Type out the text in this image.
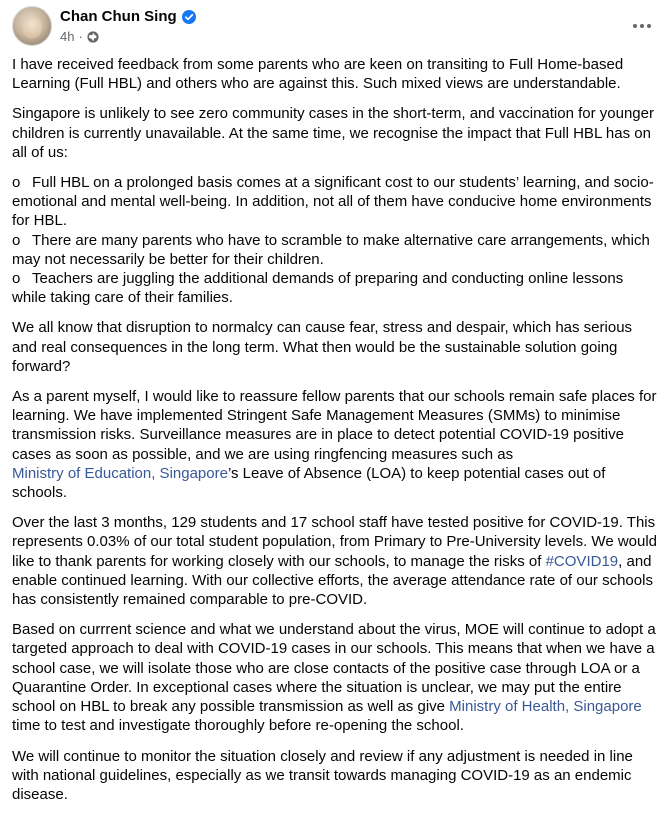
Chan Chun Sing
4h ·

I have received feedback from some parents who are keen on transiting to Full Home-based Learning (Full HBL) and others who are against this. Such mixed views are understandable.

Singapore is unlikely to see zero community cases in the short-term, and vaccination for younger children is currently unavailable. At the same time, we recognise the impact that Full HBL has on all of us:

o Full HBL on a prolonged basis comes at a significant cost to our students’ learning, and socio-emotional and mental well-being. In addition, not all of them have conducive home environments for HBL.
o There are many parents who have to scramble to make alternative care arrangements, which may not necessarily be better for their children.
o Teachers are juggling the additional demands of preparing and conducting online lessons while taking care of their families.

We all know that disruption to normalcy can cause fear, stress and despair, which has serious and real consequences in the long term. What then would be the sustainable solution going forward?

As a parent myself, I would like to reassure fellow parents that our schools remain safe places for learning. We have implemented Stringent Safe Management Measures (SMMs) to minimise transmission risks. Surveillance measures are in place to detect potential COVID-19 positive cases as soon as possible, and we are using ringfencing measures such as
Ministry of Education, Singapore’s Leave of Absence (LOA) to keep potential cases out of schools.

Over the last 3 months, 129 students and 17 school staff have tested positive for COVID-19. This represents 0.03% of our total student population, from Primary to Pre-University levels. We would like to thank parents for working closely with our schools, to manage the risks of #COVID19, and enable continued learning. With our collective efforts, the average attendance rate of our schools has consistently remained comparable to pre-COVID.

Based on currrent science and what we understand about the virus, MOE will continue to adopt a targeted approach to deal with COVID-19 cases in our schools. This means that when we have a school case, we will isolate those who are close contacts of the positive case through LOA or a Quarantine Order. In exceptional cases where the situation is unclear, we may put the entire school on HBL to break any possible transmission as well as give Ministry of Health, Singapore time to test and investigate thoroughly before re-opening the school.

We will continue to monitor the situation closely and review if any adjustment is needed in line with national guidelines, especially as we transit towards managing COVID-19 as an endemic disease.
